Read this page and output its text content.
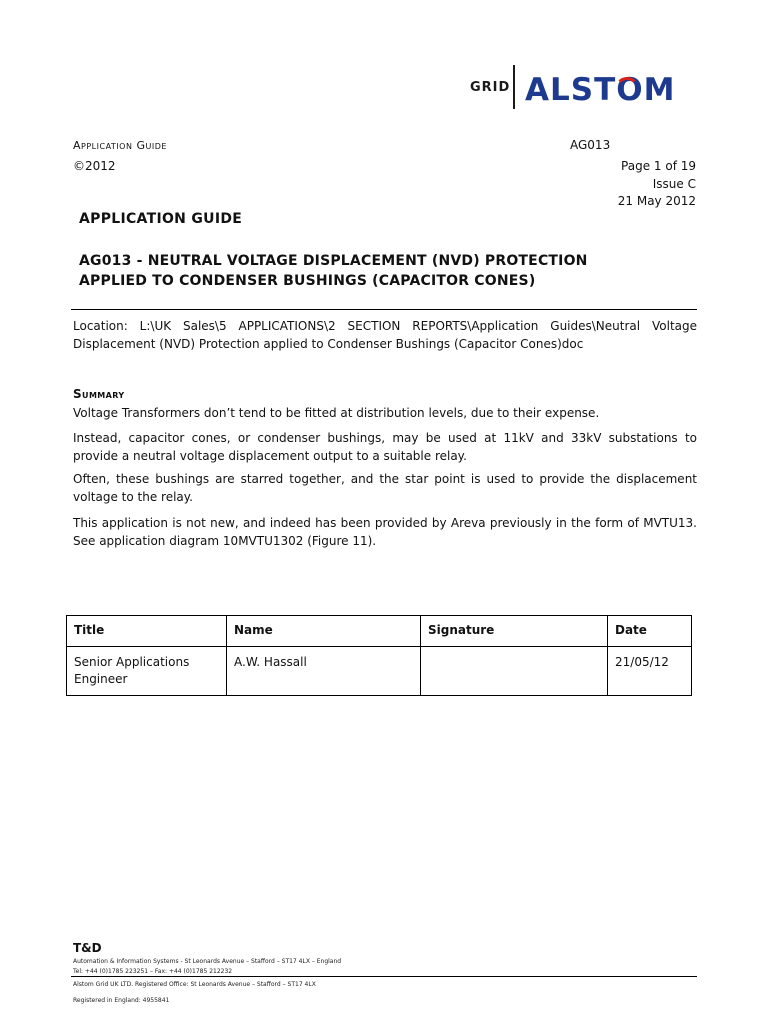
GRID ALSTO
M
Application Guide	AG013
©2012	Page 1 of 19
Issue C
21 May 2012
APPLICATION GUIDE
AG013 - NEUTRAL VOLTAGE DISPLACEMENT (NVD) PROTECTION APPLIED TO CONDENSER BUSHINGS (CAPACITOR CONES)
Location: L:\UK Sales\5 APPLICATIONS\2 SECTION REPORTS\Application Guides\Neutral Voltage Displacement (NVD) Protection applied to Condenser Bushings (Capacitor Cones)doc
Summary
Voltage Transformers don’t tend to be fitted at distribution levels, due to their expense.
Instead, capacitor cones, or condenser bushings, may be used at 11kV and 33kV substations to provide a neutral voltage displacement output to a suitable relay.
Often, these bushings are starred together, and the star point is used to provide the displacement voltage to the relay.
This application is not new, and indeed has been provided by Areva previously in the form of MVTU13. See application diagram 10MVTU1302 (Figure 11).
Title	Name	Signature	Date
Senior Applications Engineer	A.W. Hassall		21/05/12
T&D
Automation & Information Systems - St Leonards Avenue – Stafford – ST17 4LX – England
Tel: +44 (0)1785 223251 – Fax: +44 (0)1785 212232
Alstom Grid UK LTD. Registered Office: St Leonards Avenue – Stafford – ST17 4LX
Registered in England: 4955841
